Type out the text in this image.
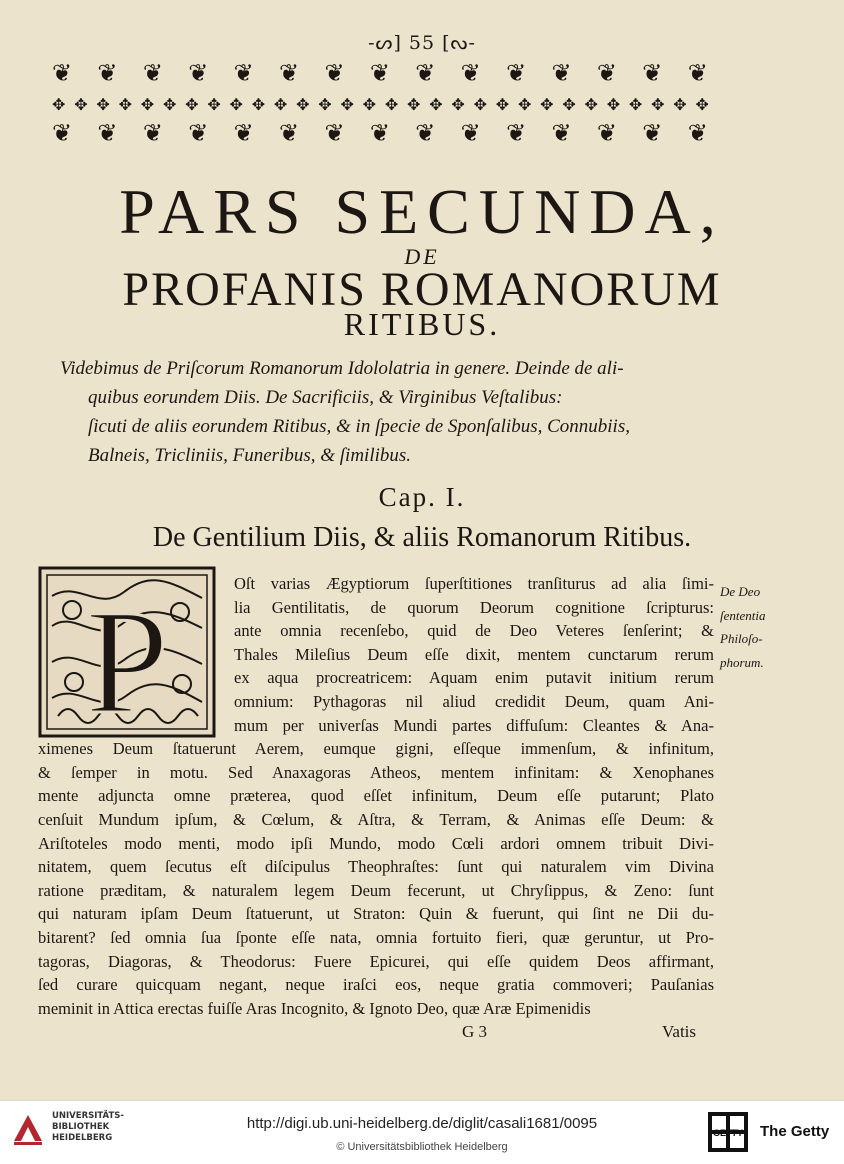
-ᔕ] 55 [ᔓ-
❦ ❦ ❦ ❦ ❦ ❦ ❦ ❦ ❦ ❦ ❦ ❦ ❦ ❦ ❦
✥ ✥ ✥ ✥ ✥ ✥ ✥ ✥ ✥ ✥ ✥ ✥ ✥ ✥ ✥ ✥ ✥ ✥ ✥ ✥ ✥ ✥ ✥ ✥ ✥ ✥ ✥ ✥ ✥ ✥
❦ ❦ ❦ ❦ ❦ ❦ ❦ ❦ ❦ ❦ ❦ ❦ ❦ ❦ ❦
PARS SECUNDA,
DE
PROFANIS ROMANORUM
RITIBUS.

Videbimus de Priſcorum Romanorum Idololatria in genere. Deinde de ali-
quibus eorundem Diis. De Sacrificiis, & Virginibus Veſtalibus:
ſicuti de aliis eorundem Ritibus, & in ſpecie de Sponſalibus, Connubiis,
Balneis, Tricliniis, Funeribus, & ſimilibus.

Cap. I.
De Gentilium Diis, & aliis Romanorum Ritibus.
P	Oſt varias Ægyptiorum ſuperſtitiones tranſiturus ad alia ſimi-
lia Gentilitatis, de quorum Deorum cognitione ſcripturus:
ante omnia recenſebo, quid de Deo Veteres ſenſerint; &
Thales Mileſius Deum eſſe dixit, mentem cunctarum rerum
ex aqua procreatricem: Aquam enim putavit initium rerum
omnium: Pythagoras nil aliud credidit Deum, quam Ani-
mum per univerſas Mundi partes diffuſum: Cleantes & Ana-
ximenes Deum ſtatuerunt Aerem, eumque gigni, eſſeque immenſum, & infinitum,
& ſemper in motu. Sed Anaxagoras Atheos, mentem infinitam: & Xenophanes
mente adjuncta omne præterea, quod eſſet infinitum, Deum eſſe putarunt; Plato
cenſuit Mundum ipſum, & Cœlum, & Aſtra, & Terram, & Animas eſſe Deum: &
Ariſtoteles modo menti, modo ipſi Mundo, modo Cœli ardori omnem tribuit Divi-
nitatem, quem ſecutus eſt diſcipulus Theophraſtes: ſunt qui naturalem vim Divina
ratione præditam, & naturalem legem Deum fecerunt, ut Chryſippus, & Zeno: ſunt
qui naturam ipſam Deum ſtatuerunt, ut Straton: Quin & fuerunt, qui ſint ne Dii du-
bitarent? ſed omnia ſua ſponte eſſe nata, omnia fortuito fieri, quæ geruntur, ut Pro-
tagoras, Diagoras, & Theodorus: Fuere Epicurei, qui eſſe quidem Deos affirmant,
ſed curare quicquam negant, neque iraſci eos, neque gratia commoveri; Pauſanias
meminit in Attica erectas fuiſſe Aras Incognito, & Ignoto Deo, quæ Aræ Epimenidis
De Deo
ſententia
Philoſo-
phorum.
G 3	Vatis
UNIVERSITÄTS-
BIBLIOTHEK
HEIDELBERG
http://digi.ub.uni-heidelberg.de/diglit/casali1681/0095
© Universitätsbibliothek Heidelberg
GETTY The Getty
